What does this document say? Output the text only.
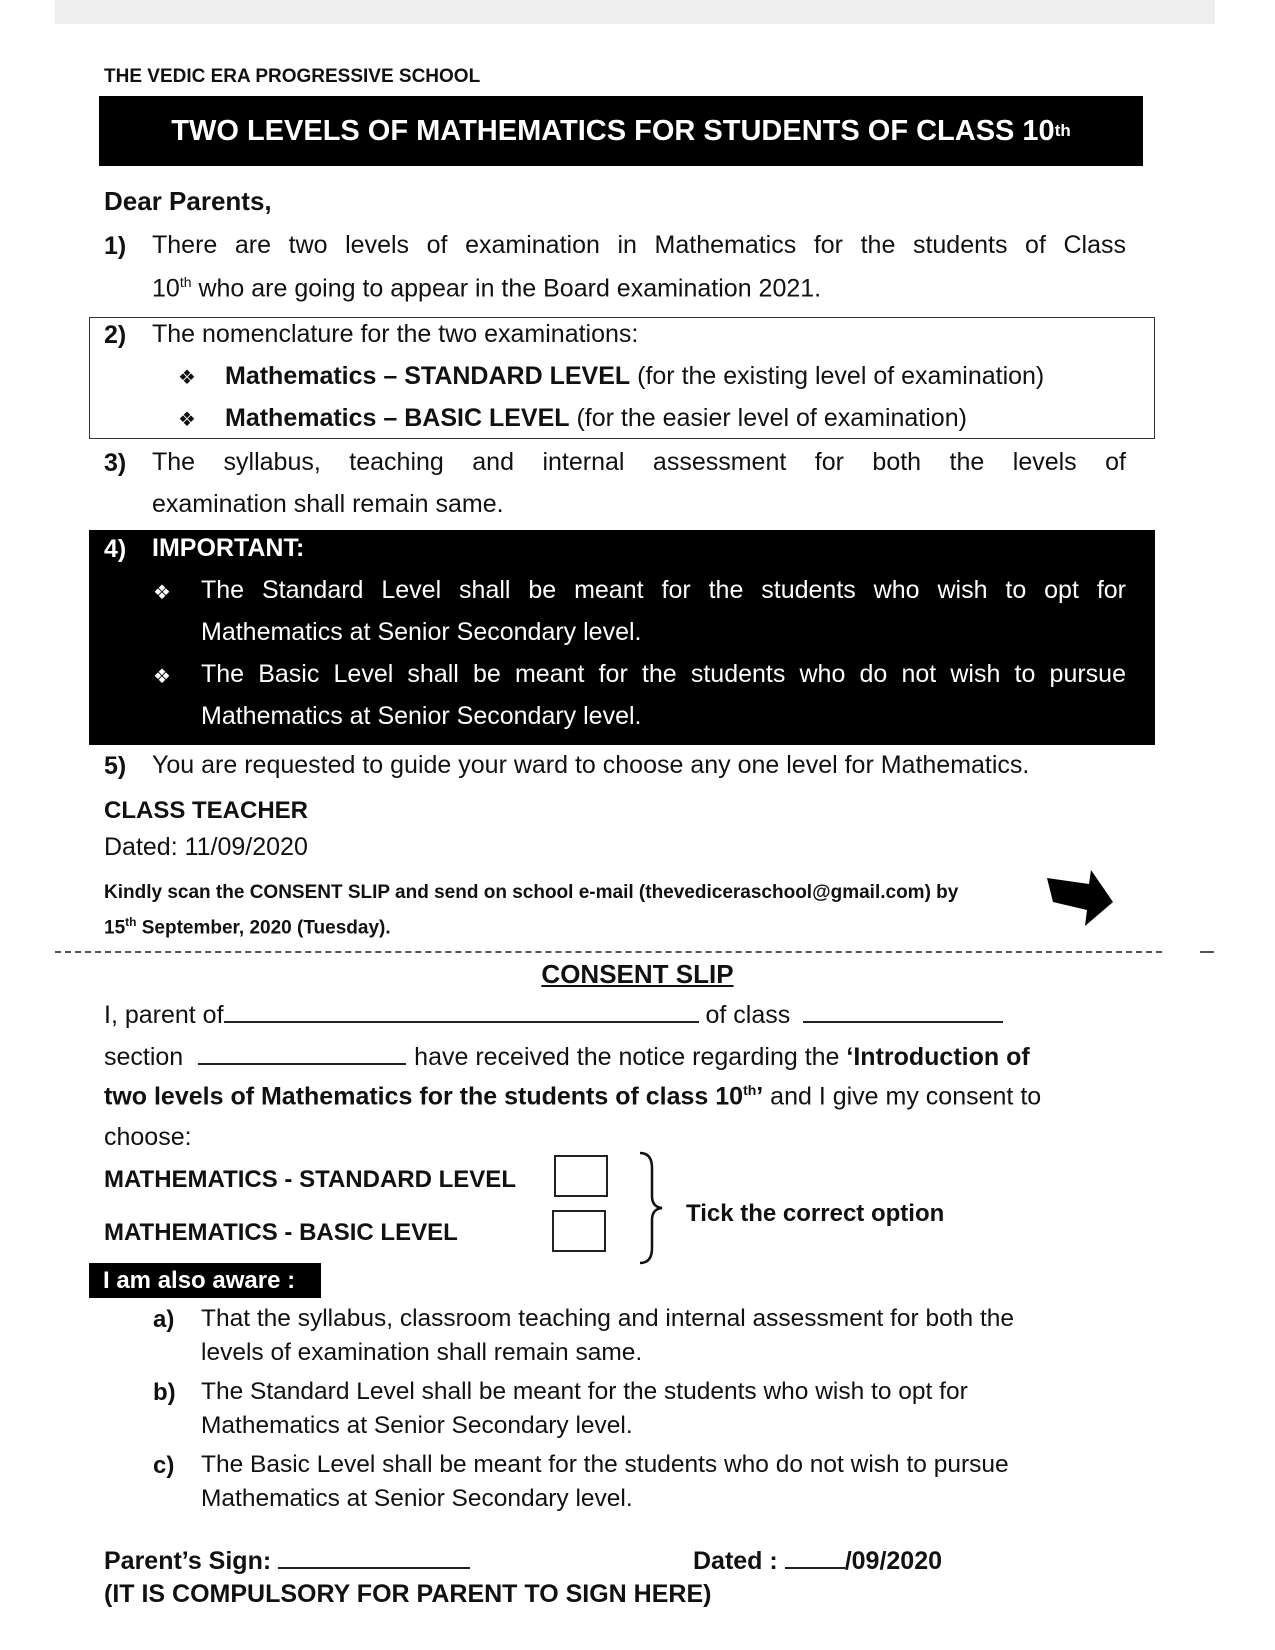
THE VEDIC ERA PROGRESSIVE SCHOOL
TWO LEVELS OF MATHEMATICS FOR STUDENTS OF CLASS 10 th
Dear Parents,
1) There are two levels of examination in Mathematics for the students of Class
10th who are going to appear in the Board examination 2021.
2) The nomenclature for the two examinations:
❖ Mathematics – STANDARD LEVEL (for the existing level of examination)
❖ Mathematics – BASIC LEVEL (for the easier level of examination)
3) The syllabus, teaching and internal assessment for both the levels of
examination shall remain same.
4) IMPORTANT:
❖ The Standard Level shall be meant for the students who wish to opt for
Mathematics at Senior Secondary level.
❖ The Basic Level shall be meant for the students who do not wish to pursue
Mathematics at Senior Secondary level.
5) You are requested to guide your ward to choose any one level for Mathematics.
CLASS TEACHER
Dated: 11/09/2020
Kindly scan the CONSENT SLIP and send on school e-mail (thevediceraschool@gmail.com) by
15th September, 2020 (Tuesday).
CONSENT SLIP
I, parent of	of class
section	have received the notice regarding the ‘Introduction of
two levels of Mathematics for the students of class 10th’ and I give my consent to
choose:
MATHEMATICS - STANDARD LEVEL
MATHEMATICS - BASIC LEVEL
Tick the correct option
I am also aware :
a) That the syllabus, classroom teaching and internal assessment for both the
levels of examination shall remain same.
b) The Standard Level shall be meant for the students who wish to opt for
Mathematics at Senior Secondary level.
c) The Basic Level shall be meant for the students who do not wish to pursue
Mathematics at Senior Secondary level.
Parent’s Sign:	Dated :	/09/2020
(IT IS COMPULSORY FOR PARENT TO SIGN HERE)
